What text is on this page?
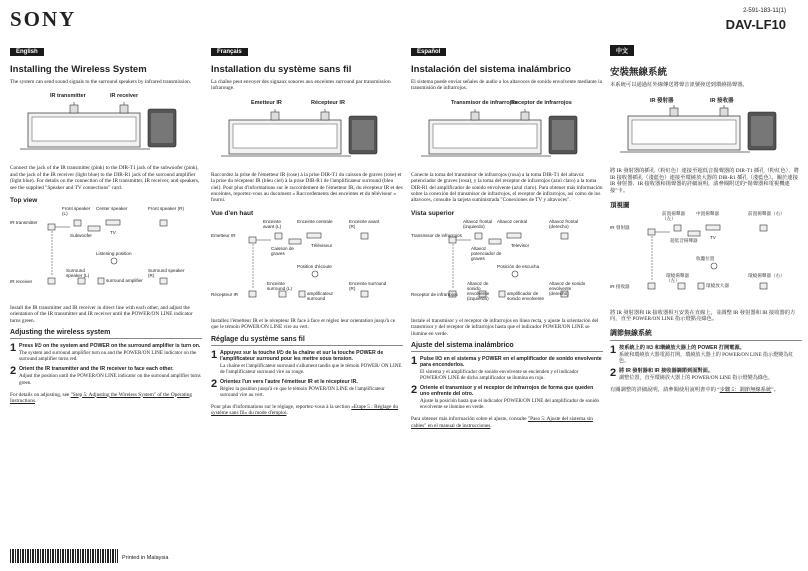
SONY	2-591-183-11(1)
DAV-LF10
English
Installing the Wireless System
The system can send sound signals to the surround speakers by infrared transmission.
IR transmitter	IR receiver
Connect the jack of the IR transmitter (pink) to the DIR-T1 jack of the subwoofer (pink), and the jack of the IR receiver (light blue) to the DIR-R1 jack of the surround amplifier (light blue). For details on the connection of the IR transmitter, IR receiver, and speakers, see the supplied "Speaker and TV connections" card.
Top view
IR transmitter
Front speaker (L)
Center speaker	Front speaker (R)
Subwoofer
TV
Listening position
IR receiver
Surround speaker (L)
surround amplifier
Surround speaker (R)
Install the IR transmitter and IR receiver in direct line with each other, and adjust the orientation of the IR transmitter and IR receiver until the POWER/ON LINE indicator turns green.
Adjusting the wireless system
1 Press I/⏻ on the system and POWER on the surround amplifier is turn on.
The system and surround amplifier turn on and the POWER/ON LINE indicator on the surround amplifier turns red.
2 Orient the IR transmitter and the IR receiver to face each other.
Adjust the position until the POWER/ON LINE indicator on the surround amplifier turns green.
For details on adjusting, see "Step 5: Adjusting the Wireless System" of the Operating Instructions.
Français
Installation du système sans fil
La chaîne peut envoyer des signaux sonores aux enceintes surround par transmission infrarouge.
Emetteur IR	Récepteur IR
Raccordez la prise de l'émetteur IR (rose) à la prise DIR-T1 du caisson de graves (rose) et la prise du récepteur IR (bleu ciel) à la prise DIR-R1 de l'amplificateur surround (bleu ciel). Pour plus d'informations sur le raccordement de l'émetteur IR, du récepteur IR et des enceintes, reportez-vous au document « Raccordements des enceintes et du téléviseur » fourni.
Vue d'en haut
Emetteur IR
Enceinte avant (L)
Enceinte centrale	Enceinte avant (R)
Caisson de graves
Téléviseur
Position d'écoute
Récepteur IR
Enceinte surround (L)
amplificateur surround
Enceinte surround (R)
Installez l'émetteur IR et le récepteur IR face à face et réglez leur orientation jusqu'à ce que le témoin POWER/ON LINE vire au vert.
Réglage du système sans fil
1 Appuyez sur la touche I/⏻ de la chaîne et sur la touche POWER de l'amplificateur surround pour les mettre sous tension.
La chaîne et l'amplificateur surround s'allument tandis que le témoin POWER/ ON LINE de l'amplificateur surround vire au rouge.
2 Orientez l'un vers l'autre l'émetteur IR et le récepteur IR.
Réglez la position jusqu'à ce que le témoin POWER/ON LINE de l'amplificateur surround vire au vert.
Pour plus d'informations sur le réglage, reportez-vous à la section «Etape 5 : Réglage du système sans fil» du mode d'emploi.
Español
Instalación del sistema inalámbrico
El sistema puede enviar señales de audio a los altavoces de sonido envolvente mediante la transmisión de infrarrojos.
Transmisor de infrarrojos
Receptor de infrarrojos
Conecte la toma del transmisor de infrarrojos (rosa) a la toma DIR-T1 del altavoz potenciador de graves (rosa), y la toma del receptor de infrarrojos (azul claro) a la toma DIR-R1 del amplificador de sonido envolvente (azul claro). Para obtener más información sobre la conexión del transmisor de infrarrojos, el receptor de infrarrojos, así como de los altavoces, consulte la tarjeta suministrada "Conexiones de TV y altavoces".
Vista superior
Transmisor de infrarrojos
Altavoz frontal (izquierdo)
Altavoz central	Altavoz frontal (derecho)
Altavoz potenciador de graves
Televisor
Posición de escucha
Receptor de infrarrojos
Altavoz de sonido envolvente (izquierdo)
amplificador de sonido envolvente
Altavoz de sonido envolvente (derecho)
Instale el transmisor y el receptor de infrarrojos en línea recta, y ajuste la orientación del transmisor y del receptor de infrarrojos hasta que el indicador POWER/ON LINE se ilumine en verde.
Ajuste del sistema inalámbrico
1 Pulse I/⏻ en el sistema y POWER en el amplificador de sonido envolvente para encenderlos.
El sistema y el amplificador de sonido envolvente se encienden y el indicador POWER/ON LINE de dicho amplificador se ilumina en rojo.
2 Oriente el transmisor y el receptor de infrarrojos de forma que queden uno enfrente del otro.
Ajuste la posición hasta que el indicador POWER/ON LINE del amplificador de sonido envolvente se ilumine en verde.
Para obtener más información sobre el ajuste, consulte "Paso 5: Ajuste del sistema sin cables" en el manual de instrucciones.
中文
安裝無線系統
本系統可以通過紅外線傳送將聲音訊號發送到環繞揚聲器。
IR 發射器	IR 接收器
將 IR 發射器的插孔（粉紅色）連接至超低音揚聲器的 DIR-T1 插孔（粉紅色），將 IR 接收器插孔（淺藍色）連接至環繞放大器的 DIR-R1 插孔（淺藍色）。關於連接 IR 發射器、IR 接收器和揚聲器的詳細說明，請參閱附送的“揚聲器和電視機連接”卡。
頂視圖
IR 發射器
前置揚聲器（左）
中置揚聲器	前置揚聲器（右）
超低音揚聲器
TV
收聽位置
IR 接收器
環繞揚聲器（左）
環繞放大器
環繞揚聲器（右）
將 IR 發射器和 IR 接收器相互安裝在直線上，並調整 IR 發射器和 IR 接收器的方向，直至 POWER/ON LINE 指示燈點亮綠色。
調節無線系統
1 按系統上的 I/⏻ 和環繞放大器上的 POWER 打開電源。
系統和環繞放大器電源打開，環繞放大器上的 POWER/ON LINE 指示燈變為紅色。
2 將 IR 發射器和 IR 接收器調節到面對面。
調整位置，直至環繞放大器上的 POWER/ON LINE 指示燈變為綠色。
有關調整的詳細說明，請參閱使用說明書中的 “步驟 5：調節無線系統”。
Printed in Malaysia
